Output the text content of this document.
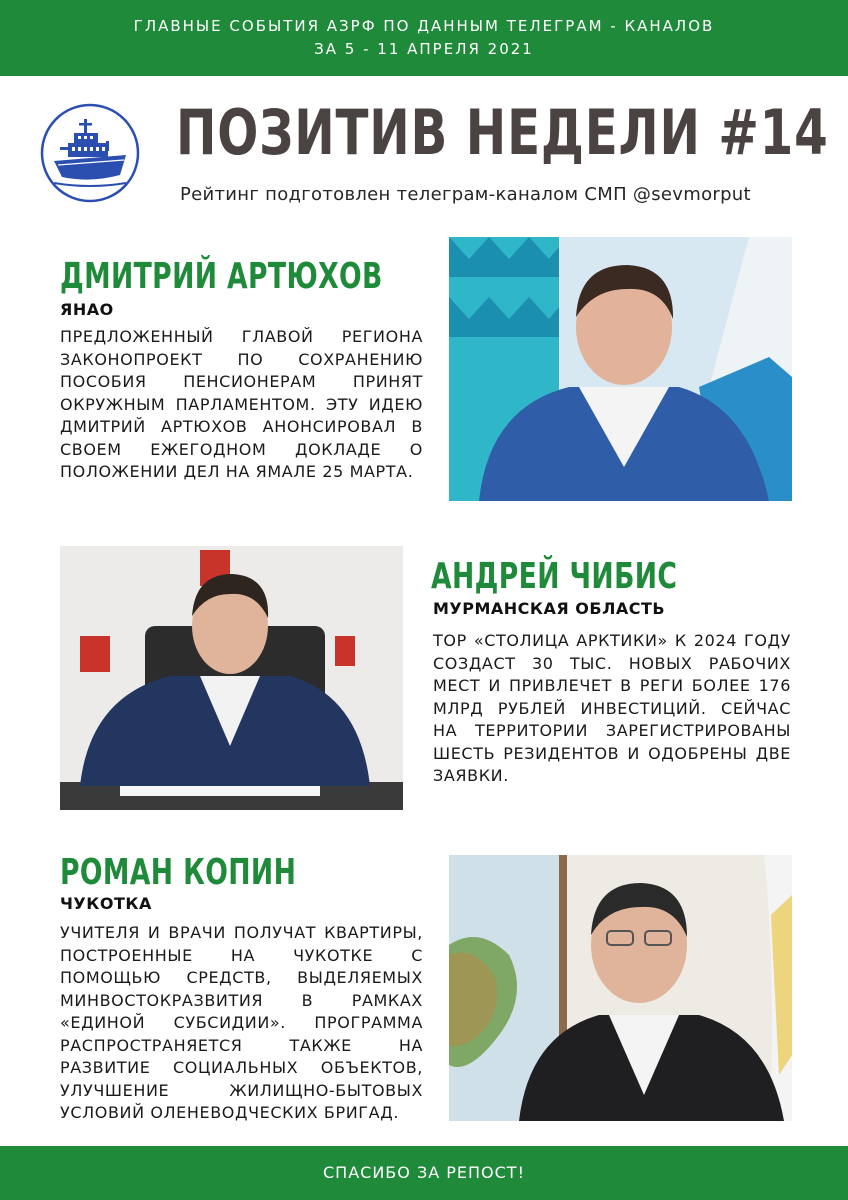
ГЛАВНЫЕ СОБЫТИЯ АЗРФ ПО ДАННЫМ ТЕЛЕГРАМ - КАНАЛОВ
ЗА 5 - 11 АПРЕЛЯ 2021
ПОЗИТИВ НЕДЕЛИ #14
Рейтинг подготовлен телеграм-каналом СМП @sevmorput
ДМИТРИЙ АРТЮХОВ
ЯНАО

ПРЕДЛОЖЕННЫЙ ГЛАВОЙ РЕГИОНА ЗАКОНОПРОЕКТ ПО СОХРАНЕНИЮ ПОСОБИЯ ПЕНСИОНЕРАМ ПРИНЯТ ОКРУЖНЫМ ПАРЛАМЕНТОМ. ЭТУ ИДЕЮ ДМИТРИЙ АРТЮХОВ АНОНСИРОВАЛ В СВОЕМ ЕЖЕГОДНОМ ДОКЛАДЕ О ПОЛОЖЕНИИ ДЕЛ НА ЯМАЛЕ 25 МАРТА.

АНДРЕЙ ЧИБИС
МУРМАНСКАЯ ОБЛАСТЬ

ТОР «СТОЛИЦА АРКТИКИ» К 2024 ГОДУ СОЗДАСТ 30 ТЫС. НОВЫХ РАБОЧИХ МЕСТ И ПРИВЛЕЧЕТ В РЕГИ БОЛЕЕ 176 МЛРД РУБЛЕЙ ИНВЕСТИЦИЙ. СЕЙЧАС НА ТЕРРИТОРИИ ЗАРЕГИСТРИРОВАНЫ ШЕСТЬ РЕЗИДЕНТОВ И ОДОБРЕНЫ ДВЕ ЗАЯВКИ.

РОМАН КОПИН
ЧУКОТКА

УЧИТЕЛЯ И ВРАЧИ ПОЛУЧАТ КВАРТИРЫ, ПОСТРОЕННЫЕ НА ЧУКОТКЕ С ПОМОЩЬЮ СРЕДСТВ, ВЫДЕЛЯЕМЫХ МИНВОСТОКРАЗВИТИЯ В РАМКАХ «ЕДИНОЙ СУБСИДИИ». ПРОГРАММА РАСПРОСТРАНЯЕТСЯ ТАКЖЕ НА РАЗВИТИЕ СОЦИАЛЬНЫХ ОБЪЕКТОВ, УЛУЧШЕНИЕ ЖИЛИЩНО-БЫТОВЫХ УСЛОВИЙ ОЛЕНЕВОДЧЕСКИХ БРИГАД.

СПАСИБО ЗА РЕПОСТ!
